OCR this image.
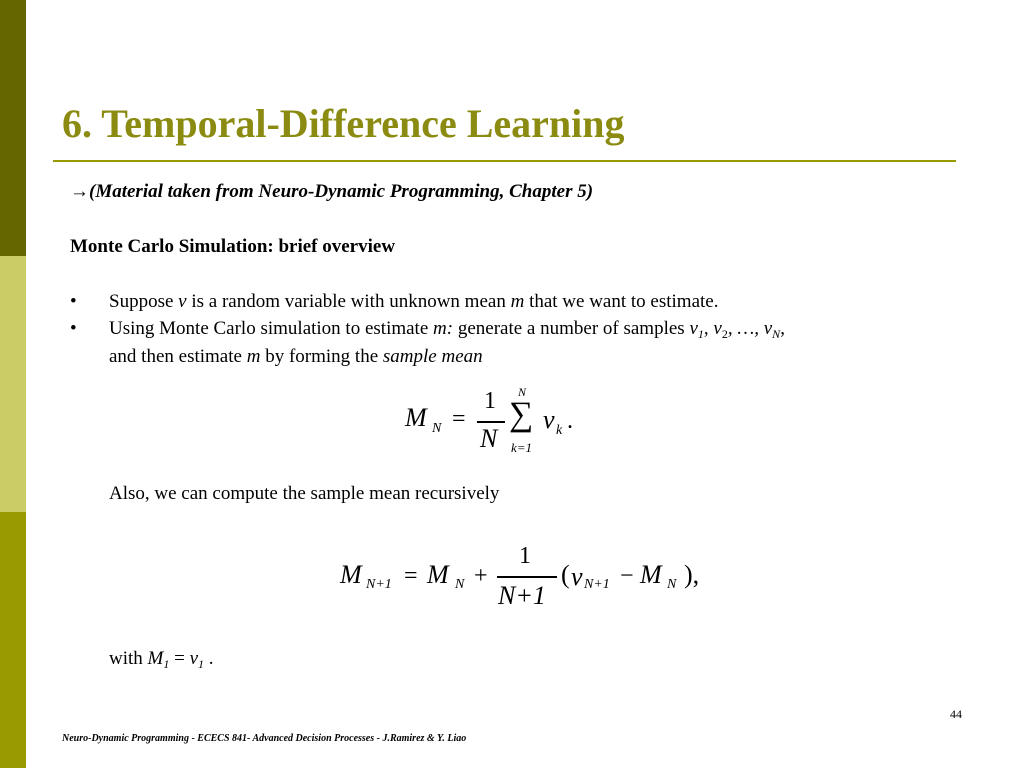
6. Temporal-Difference Learning
→(Material taken from Neuro-Dynamic Programming, Chapter 5)
Monte Carlo Simulation: brief overview
• Suppose v is a random variable with unknown mean m that we want to estimate.
• Using Monte Carlo simulation to estimate m: generate a number of samples $v_1$, $v_2$, …, $v_N$,
and then estimate m by forming the sample mean
M N =
1
N
N
∑
k=1
v k .
Also, we can compute the sample mean recursively
M N+1 = M N +
1
N+1
( v N+1 − M N ),
with $M_1 = v_1$ .
44
Neuro-Dynamic Programming - ECECS 841- Advanced Decision Processes - J.Ramirez & Y. Liao
